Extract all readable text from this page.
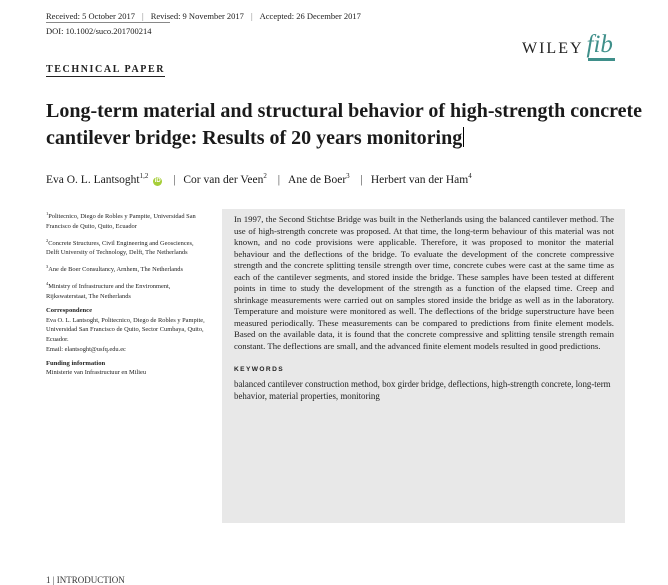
Received: 5 October 2017 | Revised: 9 November 2017 | Accepted: 26 December 2017
DOI: 10.1002/suco.201700214
WILEY fib
TECHNICAL PAPER
Long-term material and structural behavior of high-strength concrete cantilever bridge: Results of 20 years monitoring
Eva O. L. Lantsoght$^{1,2}$ iD | Cor van der Veen$^2$ | Ane de Boer$^3$ | Herbert van der Ham$^4$

$^1$Politecnico, Diego de Robles y Pampite, Universidad San Francisco de Quito, Quito, Ecuador

$^2$Concrete Structures, Civil Engineering and Geosciences, Delft University of Technology, Delft, The Netherlands

$^3$Ane de Boer Consultancy, Arnhem, The Netherlands

$^4$Ministry of Infrastructure and the Environment, Rijkswaterstaat, The Netherlands

Correspondence

Eva O. L. Lantsoght, Politecnico, Diego de Robles y Pampite, Universidad San Francisco de Quito, Sector Cumbaya, Quito, Ecuador.
Email: elantsoght@usfq.edu.ec

Funding information

Ministerie van Infrastructuur en Milieu

In 1997, the Second Stichtse Bridge was built in the Netherlands using the balanced cantilever method. The use of high-strength concrete was proposed. At that time, the long-term behaviour of this material was not known, and no code provisions were applicable. Therefore, it was proposed to monitor the material behaviour and the deflections of the bridge. To evaluate the development of the concrete compressive strength and the concrete splitting tensile strength over time, concrete cubes were cast at the same time as each of the cantilever segments, and stored inside the bridge. These samples have been tested at different points in time to study the development of the strength as a function of the elapsed time. Creep and shrinkage measurements were carried out on samples stored inside the bridge as well as in the laboratory. Temperature and moisture were monitored as well. The deflections of the bridge superstructure have been measured periodically. These measurements can be compared to predictions from finite element models. Based on the available data, it is found that the concrete compressive and splitting tensile strength remain constant. The deflections are small, and the advanced finite element models resulted in good predictions.

KEYWORDS
balanced cantilever construction method, box girder bridge, deflections, high-strength concrete, long-term behavior, material properties, monitoring
1 | INTRODUCTION
